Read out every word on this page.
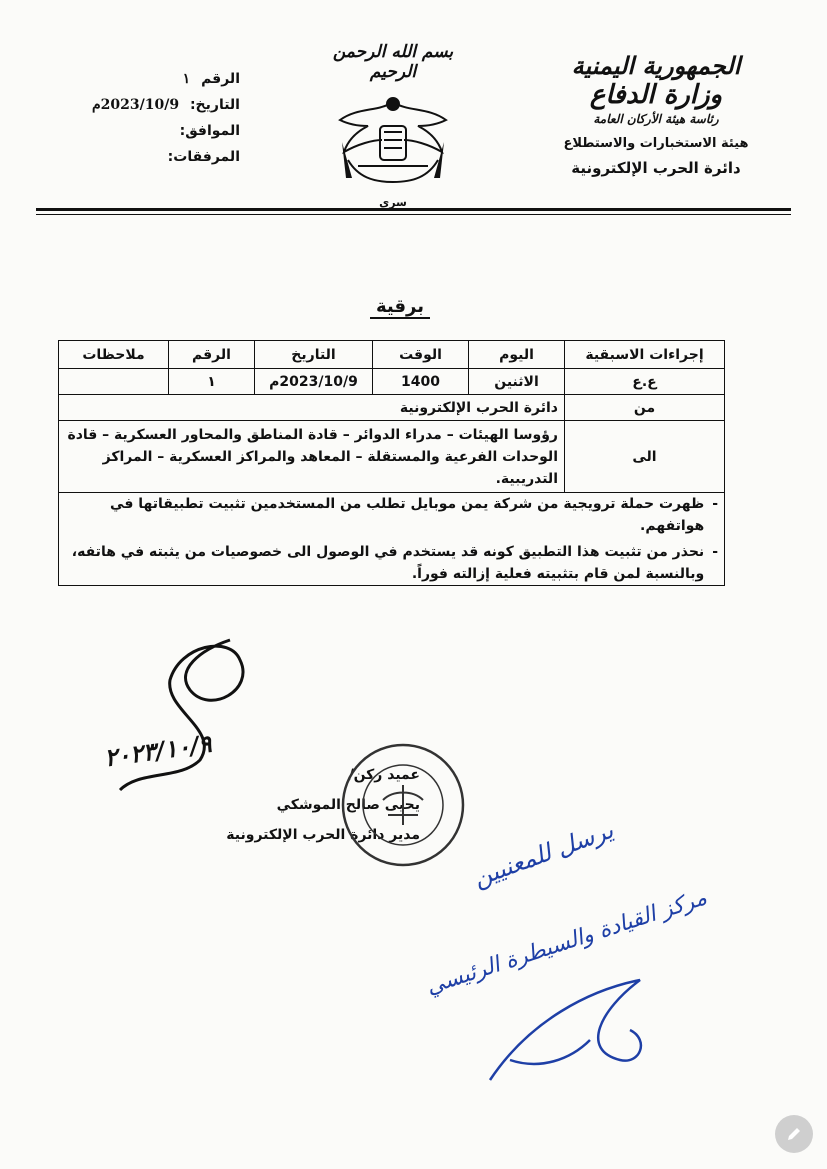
الجمهورية اليمنية
وزارة الدفاع
رئاسة هيئة الأركان العامة
هيئة الاستخبارات والاستطلاع
دائرة الحرب الإلكترونية
بسم الله الرحمن الرحيم
سري
الرقم ١
التاريخ: 2023/10/9م
الموافق:
المرفقات:
برقية
إجراءات الاسبقية	اليوم	الوقت	التاريخ	الرقم	ملاحظات
ع.ع	الاثنين	1400	2023/10/9م	١	
من	دائرة الحرب الإلكترونية				
الى	رؤوسا الهيئات – مدراء الدوائر – قادة المناطق والمحاور العسكرية – قادة الوحدات الفرعية والمستقلة – المعاهد والمراكز العسكرية – المراكز التدريبية.				

-
ظهرت حملة ترويجية من شركة يمن موبايل تطلب من المستخدمين تثبيت تطبيقاتها في هواتفهم.
-
نحذر من تثبيت هذا التطبيق كونه قد يستخدم في الوصول الى خصوصيات من يثبته في هاتفه، وبالنسبة لمن قام بتثبيته فعلية إزالته فوراً.					
٢٠٢٣/١٠/٩
عميد ركن/
يحيى صالح الموشكي
مدير دائرة الحرب الإلكترونية يرسل للمعنيين
مركز القيادة والسيطرة الرئيسي
